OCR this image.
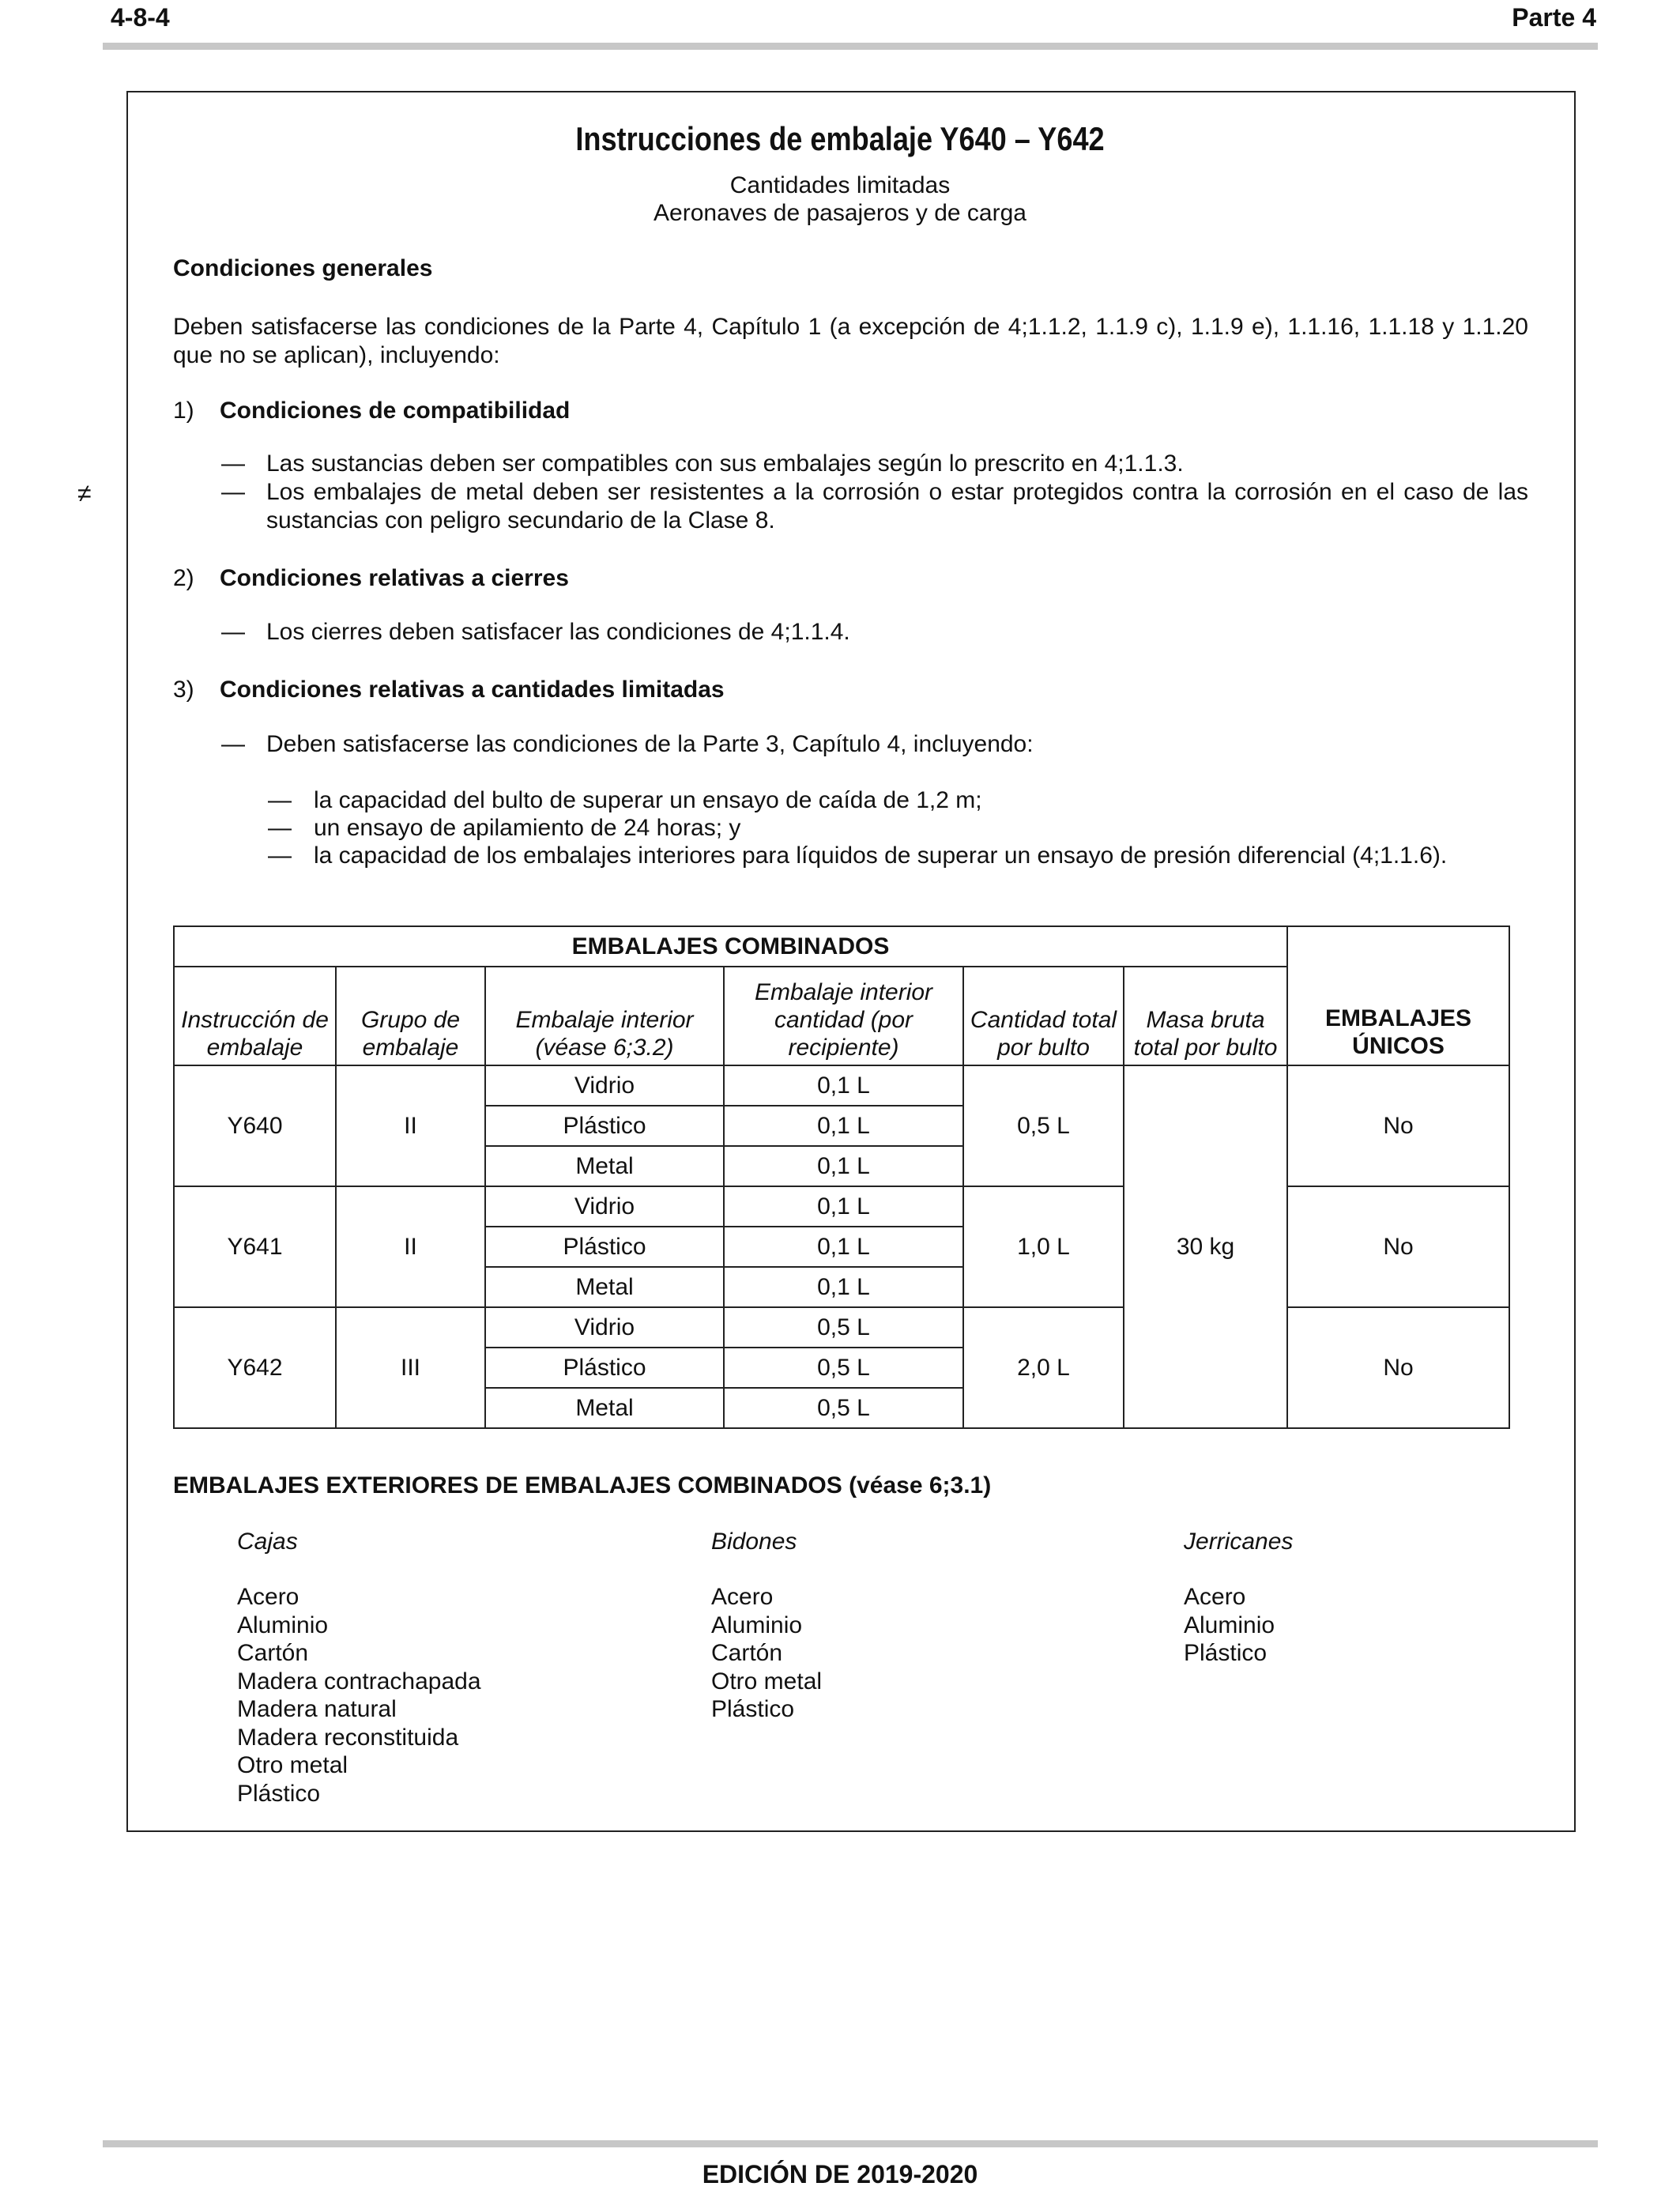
4-8-4	Parte 4
≠
Instrucciones de embalaje Y640 – Y642
Cantidades limitadas
Aeronaves de pasajeros y de carga
Condiciones generales
Deben satisfacerse las condiciones de la Parte 4, Capítulo 1 (a excepción de 4;1.1.2, 1.1.9 c), 1.1.9 e), 1.1.16, 1.1.18 y 1.1.20 que no se aplican), incluyendo:
1) Condiciones de compatibilidad
— Las sustancias deben ser compatibles con sus embalajes según lo prescrito en 4;1.1.3.
— Los embalajes de metal deben ser resistentes a la corrosión o estar protegidos contra la corrosión en el caso de las sustancias con peligro secundario de la Clase 8.
2) Condiciones relativas a cierres
— Los cierres deben satisfacer las condiciones de 4;1.1.4.
3) Condiciones relativas a cantidades limitadas
— Deben satisfacerse las condiciones de la Parte 3, Capítulo 4, incluyendo:
— la capacidad del bulto de superar un ensayo de caída de 1,2 m;
— un ensayo de apilamiento de 24 horas; y
— la capacidad de los embalajes interiores para líquidos de superar un ensayo de presión diferencial (4;1.1.6).
EMBALAJES COMBINADOS						EMBALAJES ÚNICOS
Instrucción de embalaje	Grupo de embalaje	Embalaje interior (véase 6;3.2)	Embalaje interior cantidad (por recipiente)	Cantidad total por bulto	Masa bruta total por bulto	
Y640	II	Vidrio	0,1 L	0,5 L	30 kg	No
		Plástico	0,1 L			
		Metal	0,1 L			
Y641	II	Vidrio	0,1 L	1,0 L		No
		Plástico	0,1 L			
		Metal	0,1 L			
Y642	III	Vidrio	0,5 L	2,0 L		No
		Plástico	0,5 L			
		Metal	0,5 L			
EMBALAJES EXTERIORES DE EMBALAJES COMBINADOS (véase 6;3.1)
Cajas
Acero
Aluminio
Cartón
Madera contrachapada
Madera natural
Madera reconstituida
Otro metal
Plástico
Bidones
Acero
Aluminio
Cartón
Otro metal
Plástico
Jerricanes
Acero
Aluminio
Plástico
EDICIÓN DE 2019-2020
